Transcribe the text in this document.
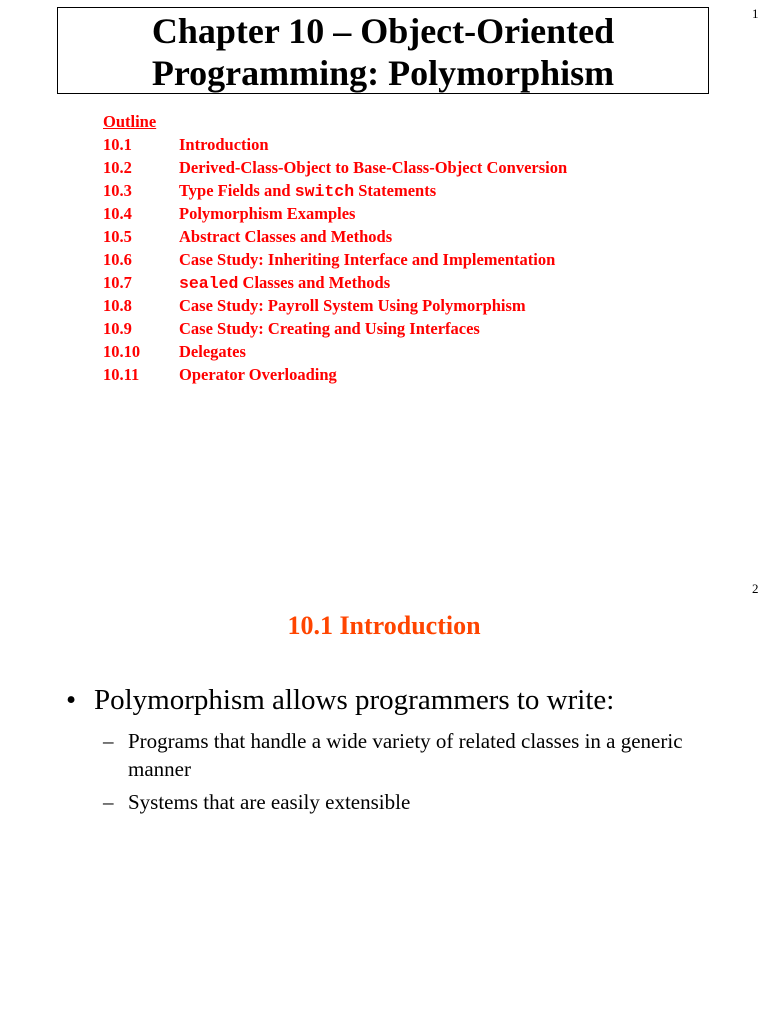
1
Chapter 10 – Object-Oriented
Programming: Polymorphism
Outline
10.1	Introduction
10.2	Derived-Class-Object to Base-Class-Object Conversion
10.3	Type Fields and switch Statements
10.4	Polymorphism Examples
10.5	Abstract Classes and Methods
10.6	Case Study: Inheriting Interface and Implementation
10.7	sealed Classes and Methods
10.8	Case Study: Payroll System Using Polymorphism
10.9	Case Study: Creating and Using Interfaces
10.10	Delegates
10.11	Operator Overloading
2
10.1 Introduction
• Polymorphism allows programmers to write:
– Programs that handle a wide variety of related classes in a generic manner
– Systems that are easily extensible
